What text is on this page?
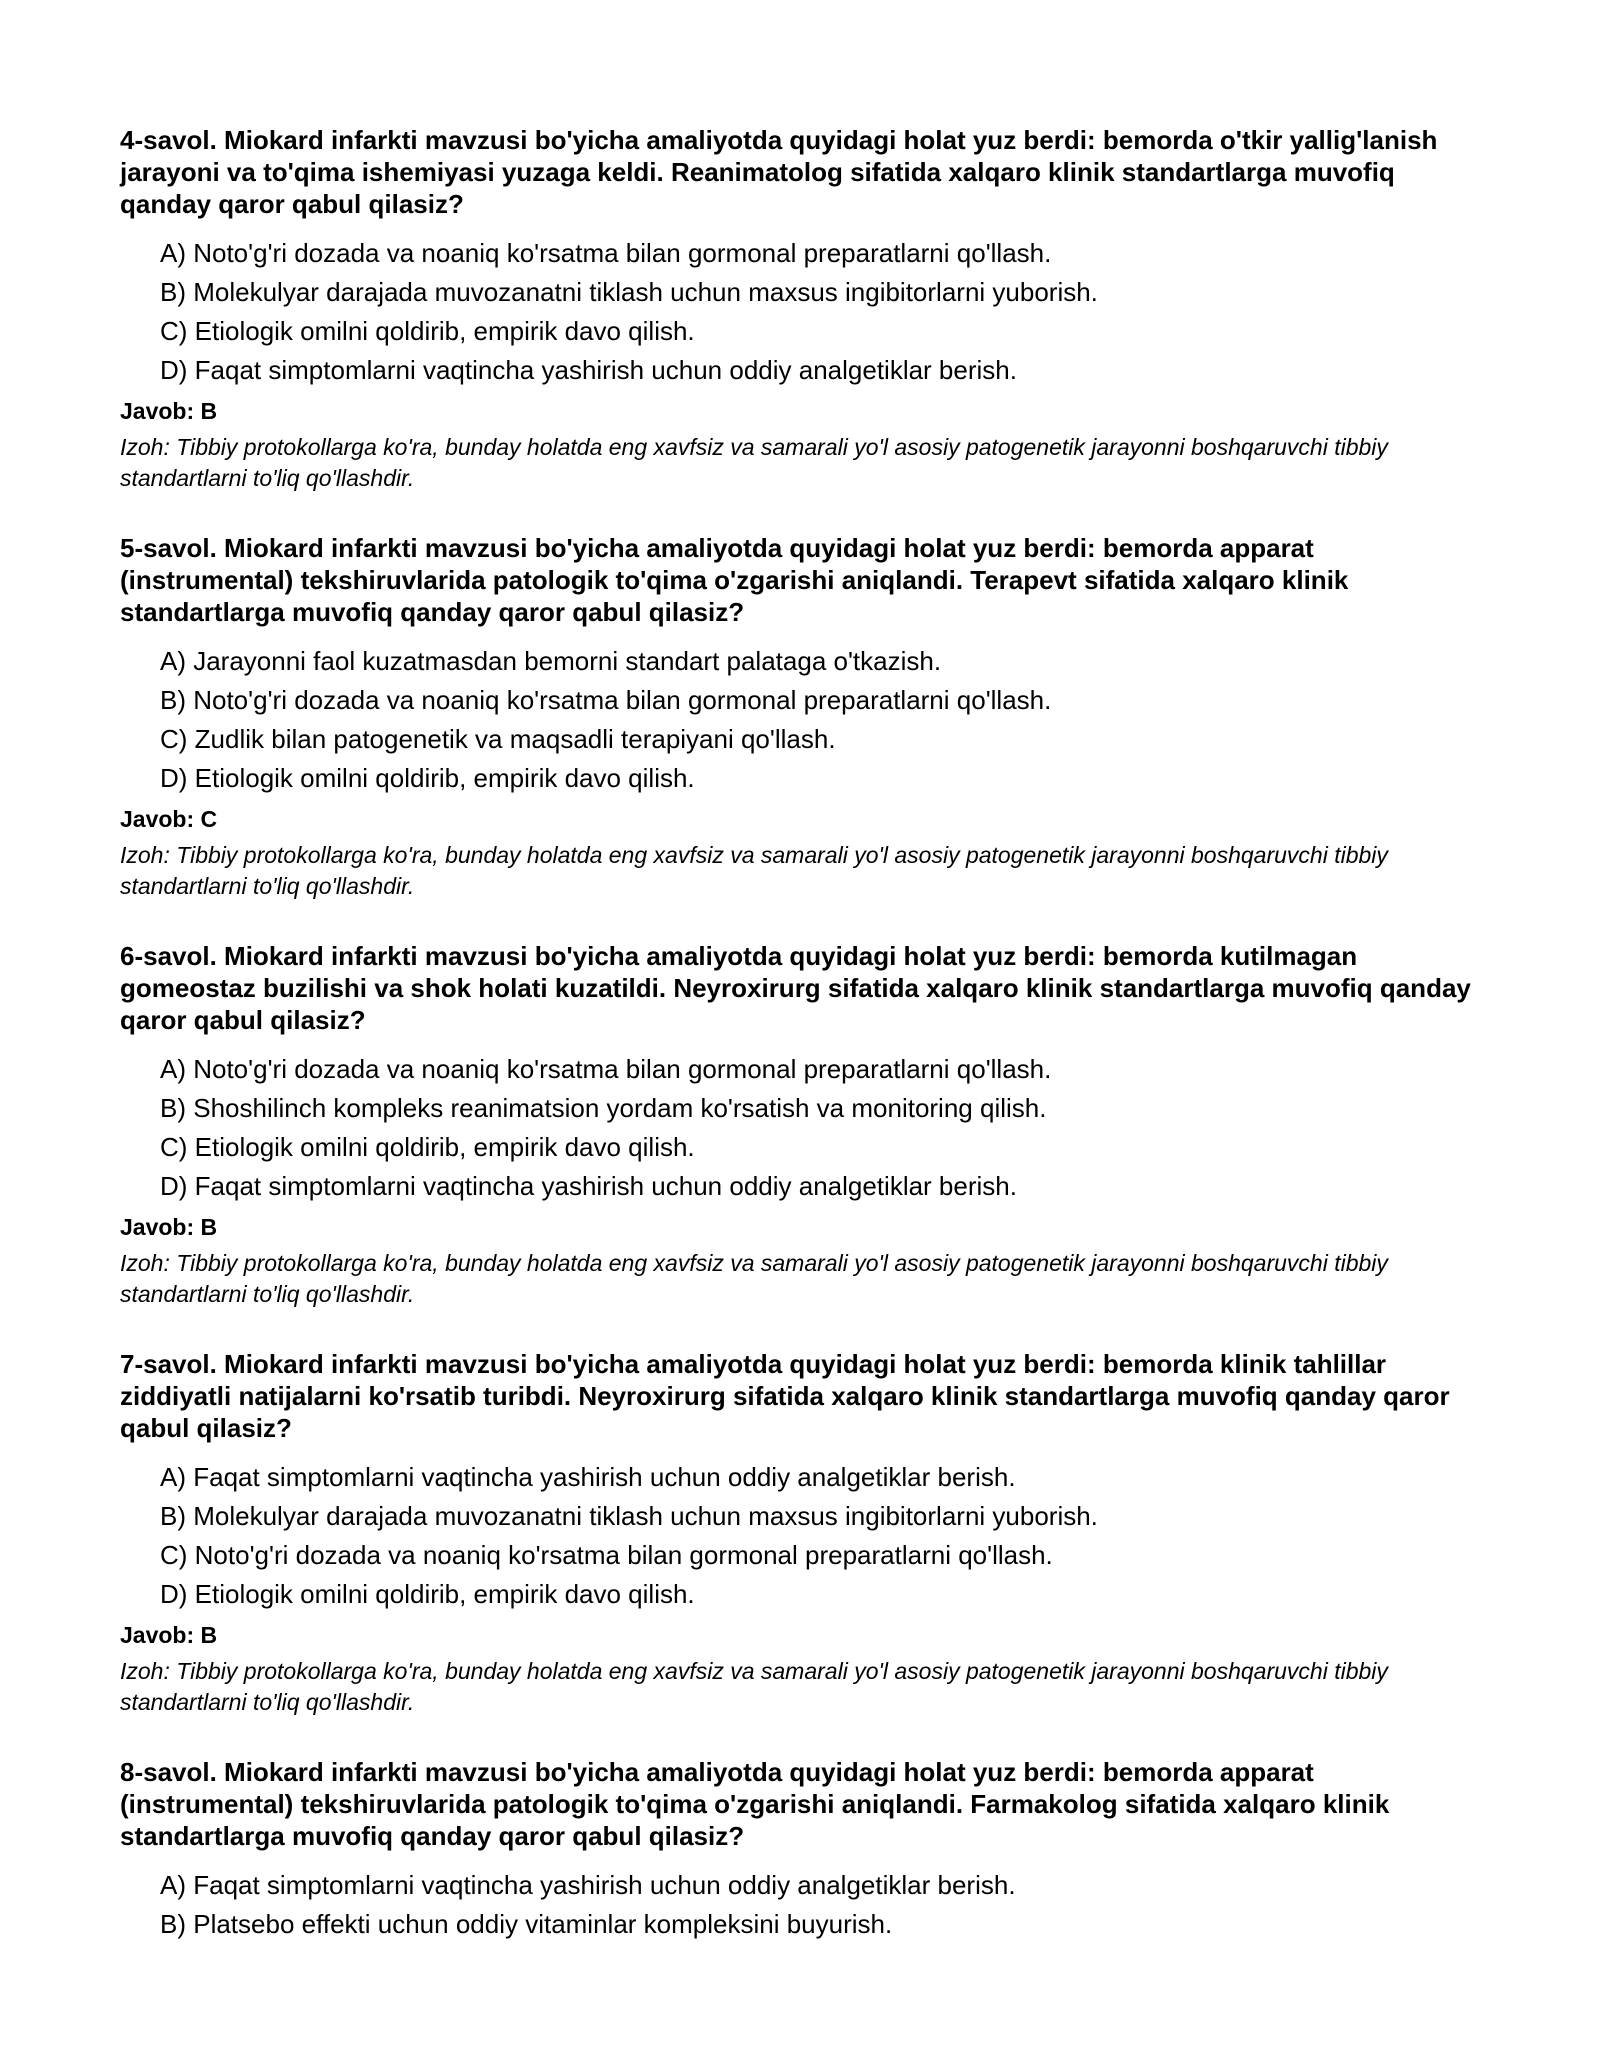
4-savol. Miokard infarkti mavzusi bo'yicha amaliyotda quyidagi holat yuz berdi: bemorda o'tkir yallig'lanish jarayoni va to'qima ishemiyasi yuzaga keldi. Reanimatolog sifatida xalqaro klinik standartlarga muvofiq qanday qaror qabul qilasiz?
A) Noto'g'ri dozada va noaniq ko'rsatma bilan gormonal preparatlarni qo'llash.
B) Molekulyar darajada muvozanatni tiklash uchun maxsus ingibitorlarni yuborish.
C) Etiologik omilni qoldirib, empirik davo qilish.
D) Faqat simptomlarni vaqtincha yashirish uchun oddiy analgetiklar berish.
Javob: B
Izoh: Tibbiy protokollarga ko'ra, bunday holatda eng xavfsiz va samarali yo'l asosiy patogenetik jarayonni boshqaruvchi tibbiy standartlarni to'liq qo'llashdir.
5-savol. Miokard infarkti mavzusi bo'yicha amaliyotda quyidagi holat yuz berdi: bemorda apparat (instrumental) tekshiruvlarida patologik to'qima o'zgarishi aniqlandi. Terapevt sifatida xalqaro klinik standartlarga muvofiq qanday qaror qabul qilasiz?
A) Jarayonni faol kuzatmasdan bemorni standart palataga o'tkazish.
B) Noto'g'ri dozada va noaniq ko'rsatma bilan gormonal preparatlarni qo'llash.
C) Zudlik bilan patogenetik va maqsadli terapiyani qo'llash.
D) Etiologik omilni qoldirib, empirik davo qilish.
Javob: C
Izoh: Tibbiy protokollarga ko'ra, bunday holatda eng xavfsiz va samarali yo'l asosiy patogenetik jarayonni boshqaruvchi tibbiy standartlarni to'liq qo'llashdir.
6-savol. Miokard infarkti mavzusi bo'yicha amaliyotda quyidagi holat yuz berdi: bemorda kutilmagan gomeostaz buzilishi va shok holati kuzatildi. Neyroxirurg sifatida xalqaro klinik standartlarga muvofiq qanday qaror qabul qilasiz?
A) Noto'g'ri dozada va noaniq ko'rsatma bilan gormonal preparatlarni qo'llash.
B) Shoshilinch kompleks reanimatsion yordam ko'rsatish va monitoring qilish.
C) Etiologik omilni qoldirib, empirik davo qilish.
D) Faqat simptomlarni vaqtincha yashirish uchun oddiy analgetiklar berish.
Javob: B
Izoh: Tibbiy protokollarga ko'ra, bunday holatda eng xavfsiz va samarali yo'l asosiy patogenetik jarayonni boshqaruvchi tibbiy standartlarni to'liq qo'llashdir.
7-savol. Miokard infarkti mavzusi bo'yicha amaliyotda quyidagi holat yuz berdi: bemorda klinik tahlillar ziddiyatli natijalarni ko'rsatib turibdi. Neyroxirurg sifatida xalqaro klinik standartlarga muvofiq qanday qaror qabul qilasiz?
A) Faqat simptomlarni vaqtincha yashirish uchun oddiy analgetiklar berish.
B) Molekulyar darajada muvozanatni tiklash uchun maxsus ingibitorlarni yuborish.
C) Noto'g'ri dozada va noaniq ko'rsatma bilan gormonal preparatlarni qo'llash.
D) Etiologik omilni qoldirib, empirik davo qilish.
Javob: B
Izoh: Tibbiy protokollarga ko'ra, bunday holatda eng xavfsiz va samarali yo'l asosiy patogenetik jarayonni boshqaruvchi tibbiy standartlarni to'liq qo'llashdir.
8-savol. Miokard infarkti mavzusi bo'yicha amaliyotda quyidagi holat yuz berdi: bemorda apparat (instrumental) tekshiruvlarida patologik to'qima o'zgarishi aniqlandi. Farmakolog sifatida xalqaro klinik standartlarga muvofiq qanday qaror qabul qilasiz?
A) Faqat simptomlarni vaqtincha yashirish uchun oddiy analgetiklar berish.
B) Platsebo effekti uchun oddiy vitaminlar kompleksini buyurish.
